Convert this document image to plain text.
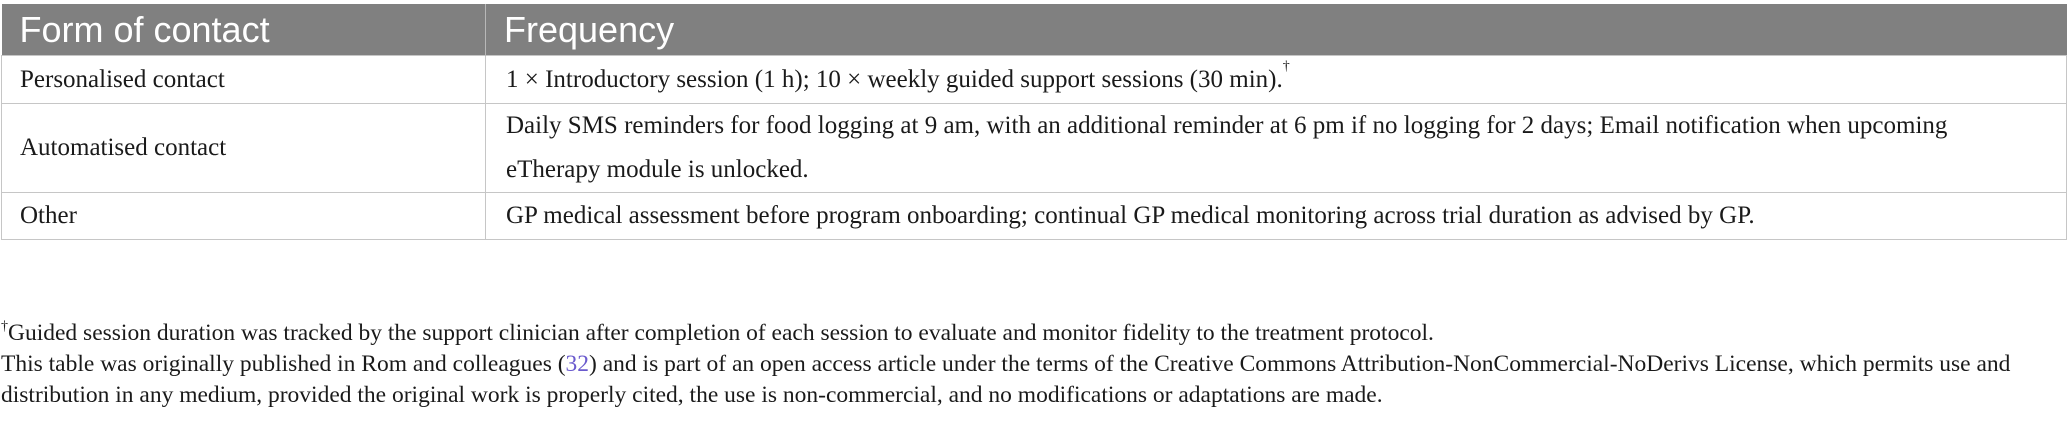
Form of contact	Frequency
Personalised contact	1 × Introductory session (1 h); 10 × weekly guided support sessions (30 min).†
Automatised contact	Daily SMS reminders for food logging at 9 am, with an additional reminder at 6 pm if no logging for 2 days; Email notification when upcoming eTherapy module is unlocked.
Other	GP medical assessment before program onboarding; continual GP medical monitoring across trial duration as advised by GP.

†Guided session duration was tracked by the support clinician after completion of each session to evaluate and monitor fidelity to the treatment protocol.

This table was originally published in Rom and colleagues (32) and is part of an open access article under the terms of the Creative Commons Attribution-NonCommercial-NoDerivs License, which permits use and distribution in any medium, provided the original work is properly cited, the use is non-commercial, and no modifications or adaptations are made.
